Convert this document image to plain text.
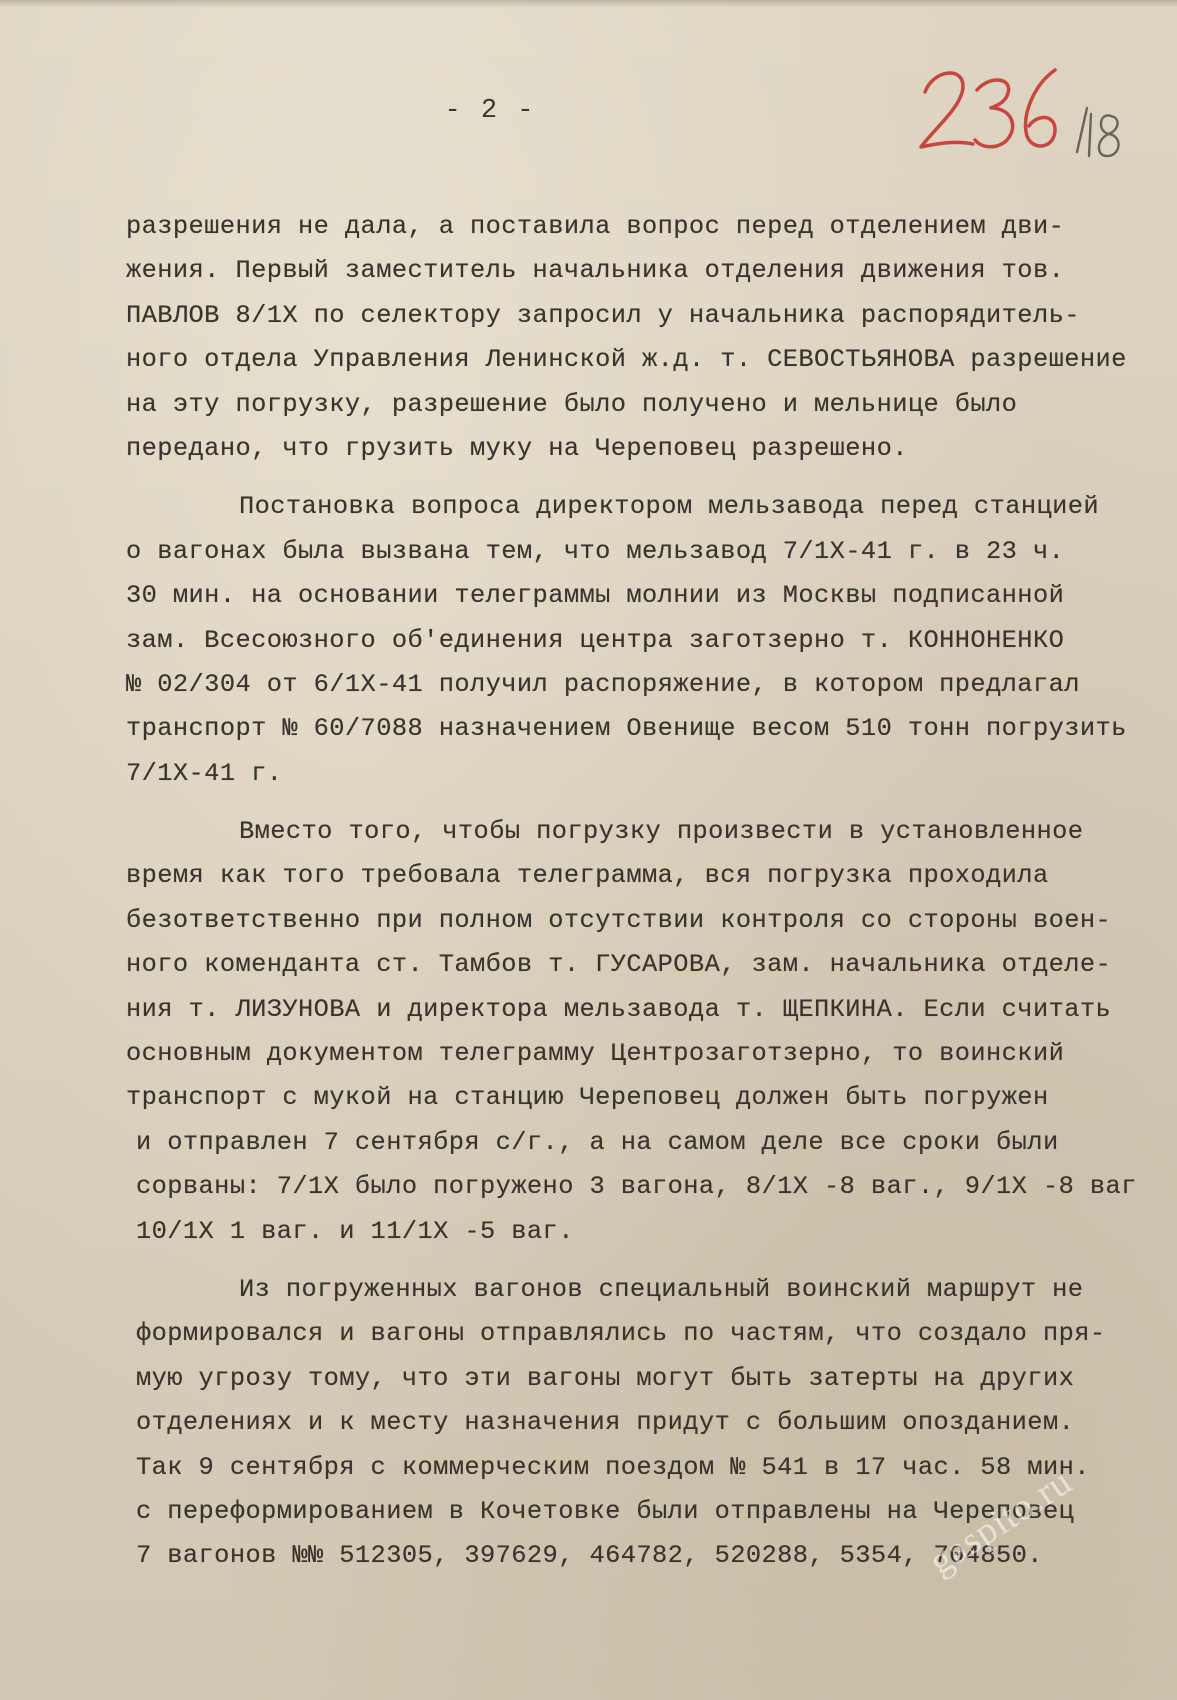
- 2 -

разрешения не дала, а поставила вопрос перед отделением дви-
жения. Первый заместитель начальника отделения движения тов.
ПАВЛОВ 8/1Х по селектору запросил у начальника распорядитель-
ного отдела Управления Ленинской ж.д. т. СЕВОСТЬЯНОВА разрешение
на эту погрузку, разрешение было получено и мельнице было
передано, что грузить муку на Череповец разрешено.

Постановка вопроса директором мельзавода перед станцией
о вагонах была вызвана тем, что мельзавод 7/1Х-41 г. в 23 ч.
30 мин. на основании телеграммы молнии из Москвы подписанной
зам. Всесоюзного об'единения центра заготзерно т. КОННОНЕНКО
№ 02/304 от 6/1Х-41 получил распоряжение, в котором предлагал
транспорт № 60/7088 назначением Овенище весом 510 тонн погрузить
7/1Х-41 г.

Вместо того, чтобы погрузку произвести в установленное
время как того требовала телеграмма, вся погрузка проходила
безответственно при полном отсутствии контроля со стороны воен-
ного коменданта ст. Тамбов т. ГУСАРОВА, зам. начальника отделе-
ния т. ЛИЗУНОВА и директора мельзавода т. ЩЕПКИНА. Если считать
основным документом телеграмму Центрозаготзерно, то воинский
транспорт с мукой на станцию Череповец должен быть погружен
и отправлен 7 сентября с/г., а на самом деле все сроки были
сорваны: 7/1Х было погружено 3 вагона, 8/1Х -8 ваг., 9/1Х -8 ваг
10/1Х 1 ваг. и 11/1Х -5 ваг.

Из погруженных вагонов специальный воинский маршрут не
формировался и вагоны отправлялись по частям, что создало пря-
мую угрозу тому, что эти вагоны могут быть затерты на других
отделениях и к месту назначения придут с большим опозданием.
Так 9 сентября с коммерческим поездом № 541 в 17 час. 58 мин.
с переформированием в Кочетовке были отправлены на Череповец
7 вагонов №№ 512305, 397629, 464782, 520288, 5354, 704850.

gaspito.ru
